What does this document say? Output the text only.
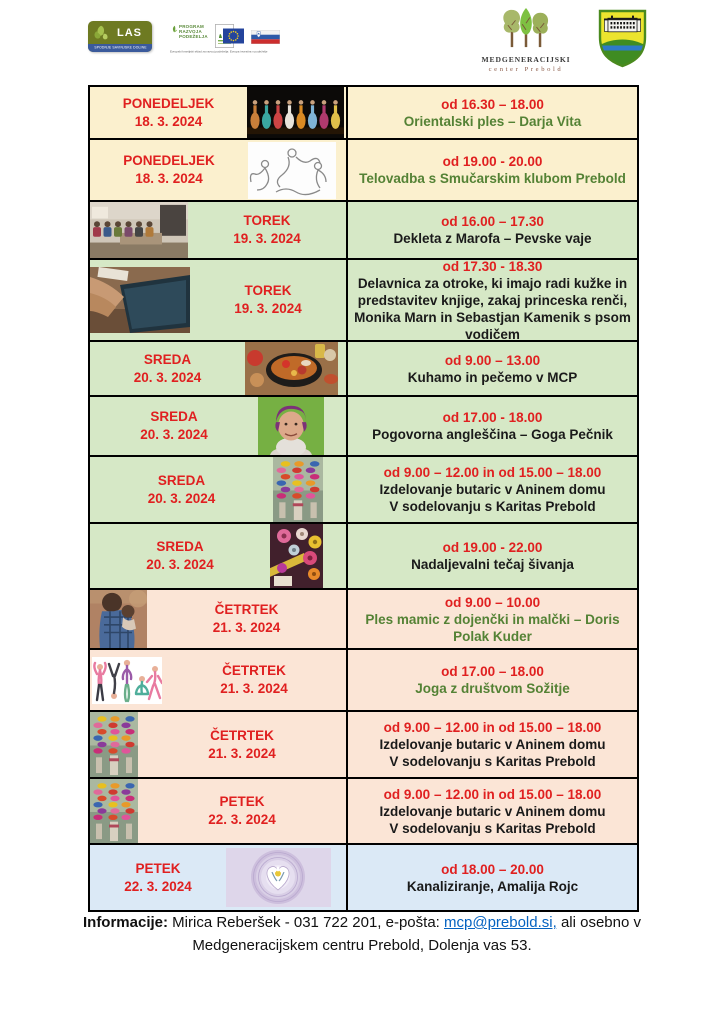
LAS
SPODNJE SAVINJSKE DOLINE
PROGRAM
RAZVOJA
PODEŽELJA
Evropski kmetijski sklad za razvoj podeželja: Evropa investira v podeželje
MEDGENERACIJSKI
center Prebold
PONEDELJEK
18. 3. 2024
od 16.30 – 18.00
Orientalski ples – Darja Vita
PONEDELJEK
18. 3. 2024
od 19.00 - 20.00
Telovadba s Smučarskim klubom Prebold
TOREK
19. 3. 2024
od 16.00 – 17.30
Dekleta z Marofa – Pevske vaje
TOREK
19. 3. 2024
od 17.30 - 18.30
Delavnica za otroke, ki imajo radi kužke in predstavitev knjige, zakaj princeska renči, Monika Marn in Sebastjan Kamenik s psom vodičem
SREDA
20. 3. 2024
od 9.00 – 13.00
Kuhamo in pečemo v MCP
SREDA
20. 3. 2024
od 17.00 - 18.00
Pogovorna angleščina – Goga Pečnik
SREDA
20. 3. 2024
od 9.00 – 12.00 in od 15.00 – 18.00
Izdelovanje butaric v Aninem domu
V sodelovanju s Karitas Prebold
SREDA
20. 3. 2024
od 19.00 - 22.00
Nadaljevalni tečaj šivanja
ČETRTEK
21. 3. 2024
od 9.00 – 10.00
Ples mamic z dojenčki in malčki – Doris Polak Kuder
ČETRTEK
21. 3. 2024
od 17.00 – 18.00
Joga z društvom Sožitje
ČETRTEK
21. 3. 2024
od 9.00 – 12.00 in od 15.00 – 18.00
Izdelovanje butaric v Aninem domu
V sodelovanju s Karitas Prebold
PETEK
22. 3. 2024
od 9.00 – 12.00 in od 15.00 – 18.00
Izdelovanje butaric v Aninem domu
V sodelovanju s Karitas Prebold
PETEK
22. 3. 2024
od 18.00 – 20.00
Kanaliziranje, Amalija Rojc
Informacije: Mirica Reberšek - 031 722 201, e-pošta: mcp@prebold.si, ali osebno v
Medgeneracijskem centru Prebold, Dolenja vas 53.
